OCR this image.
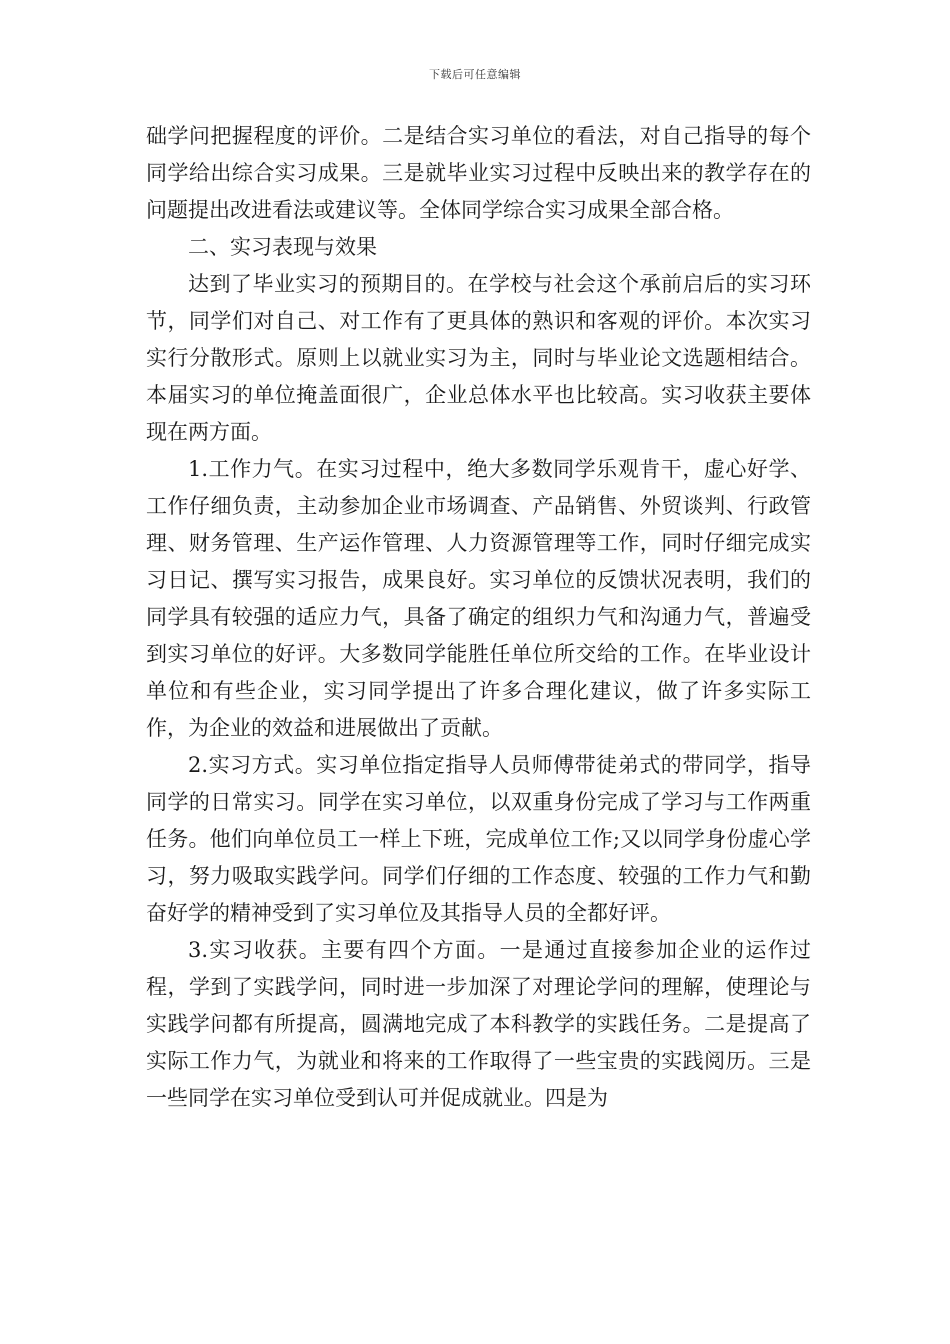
下载后可任意编辑

础学问把握程度的评价。二是结合实习单位的看法，对自己指导的每个同学给出综合实习成果。三是就毕业实习过程中反映出来的教学存在的问题提出改进看法或建议等。全体同学综合实习成果全部合格。

二、实习表现与效果

达到了毕业实习的预期目的。在学校与社会这个承前启后的实习环节，同学们对自己、对工作有了更具体的熟识和客观的评价。本次实习实行分散形式。原则上以就业实习为主，同时与毕业论文选题相结合。本届实习的单位掩盖面很广，企业总体水平也比较高。实习收获主要体现在两方面。

1.工作力气。在实习过程中，绝大多数同学乐观肯干，虚心好学、工作仔细负责，主动参加企业市场调查、产品销售、外贸谈判、行政管理、财务管理、生产运作管理、人力资源管理等工作，同时仔细完成实习日记、撰写实习报告，成果良好。实习单位的反馈状况表明，我们的同学具有较强的适应力气，具备了确定的组织力气和沟通力气，普遍受到实习单位的好评。大多数同学能胜任单位所交给的工作。在毕业设计单位和有些企业，实习同学提出了许多合理化建议，做了许多实际工作，为企业的效益和进展做出了贡献。

2.实习方式。实习单位指定指导人员师傅带徒弟式的带同学，指导同学的日常实习。同学在实习单位，以双重身份完成了学习与工作两重任务。他们向单位员工一样上下班，完成单位工作;又以同学身份虚心学习，努力吸取实践学问。同学们仔细的工作态度、较强的工作力气和勤奋好学的精神受到了实习单位及其指导人员的全都好评。

3.实习收获。主要有四个方面。一是通过直接参加企业的运作过程，学到了实践学问，同时进一步加深了对理论学问的理解，使理论与实践学问都有所提高，圆满地完成了本科教学的实践任务。二是提高了实际工作力气，为就业和将来的工作取得了一些宝贵的实践阅历。三是一些同学在实习单位受到认可并促成就业。四是为
